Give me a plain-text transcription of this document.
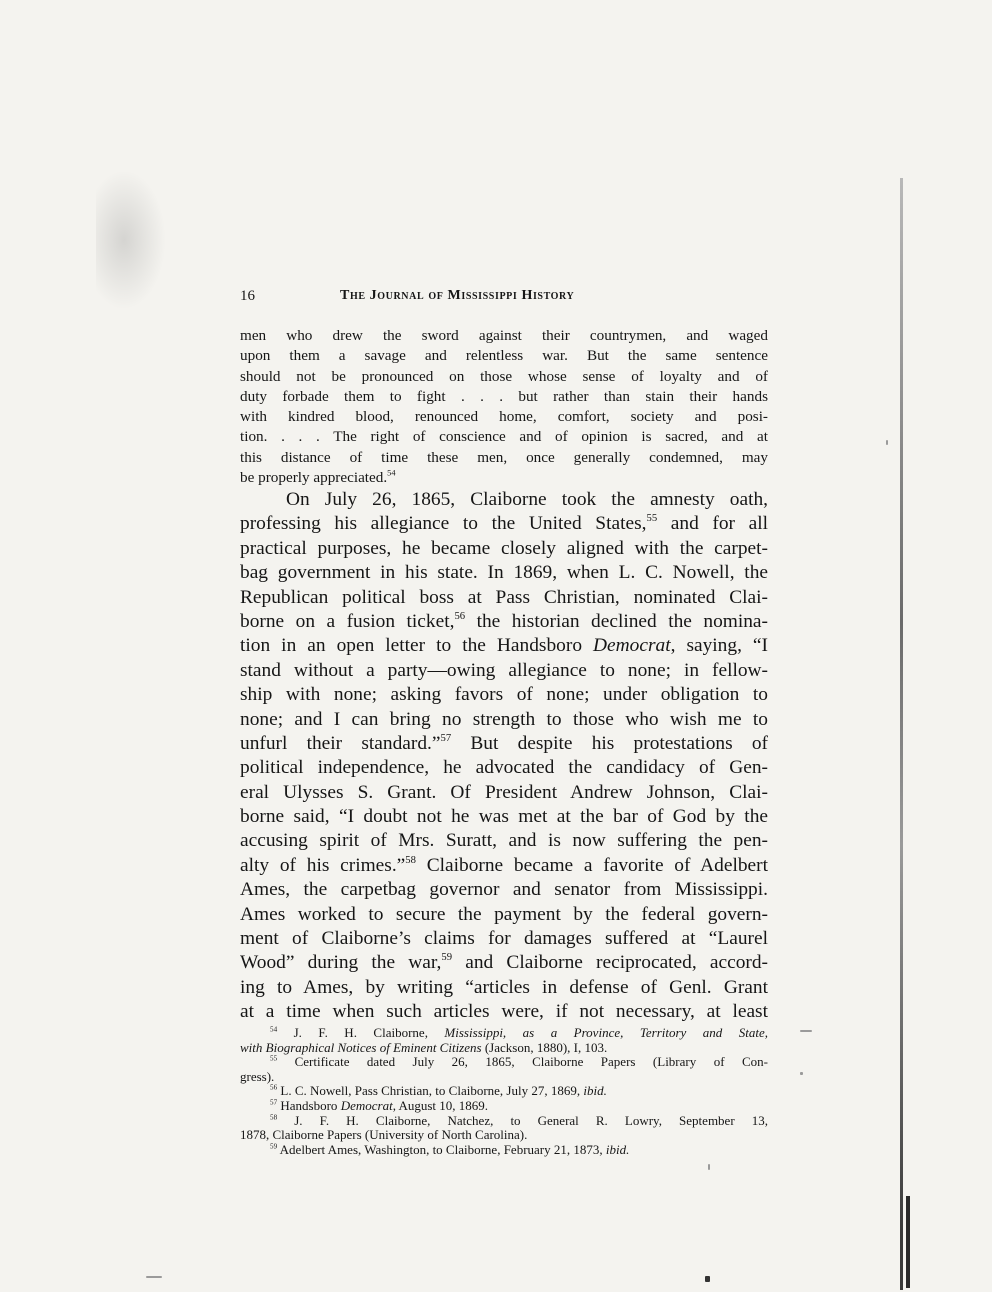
16	The Journal of Mississippi History
men who drew the sword against their countrymen, and waged
upon them a savage and relentless war. But the same sentence
should not be pronounced on those whose sense of loyalty and of
duty forbade them to fight . . . but rather than stain their hands
with kindred blood, renounced home, comfort, society and posi-
tion. . . . The right of conscience and of opinion is sacred, and at
this distance of time these men, once generally condemned, may
be properly appreciated.$^{54}$
On July 26, 1865, Claiborne took the amnesty oath,
professing his allegiance to the United States,$^{55}$ and for all
practical purposes, he became closely aligned with the carpet-
bag government in his state. In 1869, when L. C. Nowell, the
Republican political boss at Pass Christian, nominated Clai-
borne on a fusion ticket,$^{56}$ the historian declined the nomina-
tion in an open letter to the Handsboro Democrat, saying, “I
stand without a party—owing allegiance to none; in fellow-
ship with none; asking favors of none; under obligation to
none; and I can bring no strength to those who wish me to
unfurl their standard.”$^{57}$ But despite his protestations of
political independence, he advocated the candidacy of Gen-
eral Ulysses S. Grant. Of President Andrew Johnson, Clai-
borne said, “I doubt not he was met at the bar of God by the
accusing spirit of Mrs. Suratt, and is now suffering the pen-
alty of his crimes.”$^{58}$ Claiborne became a favorite of Adelbert
Ames, the carpetbag governor and senator from Mississippi.
Ames worked to secure the payment by the federal govern-
ment of Claiborne’s claims for damages suffered at “Laurel
Wood” during the war,$^{59}$ and Claiborne reciprocated, accord-
ing to Ames, by writing “articles in defense of Genl. Grant
at a time when such articles were, if not necessary, at least
$^{54}$ J. F. H. Claiborne, Mississippi, as a Province, Territory and State,
with Biographical Notices of Eminent Citizens (Jackson, 1880), I, 103.
$^{55}$ Certificate dated July 26, 1865, Claiborne Papers (Library of Con-
gress).
$^{56}$ L. C. Nowell, Pass Christian, to Claiborne, July 27, 1869, ibid.
$^{57}$ Handsboro Democrat, August 10, 1869.
$^{58}$ J. F. H. Claiborne, Natchez, to General R. Lowry, September 13,
1878, Claiborne Papers (University of North Carolina).
$^{59}$ Adelbert Ames, Washington, to Claiborne, February 21, 1873, ibid.
